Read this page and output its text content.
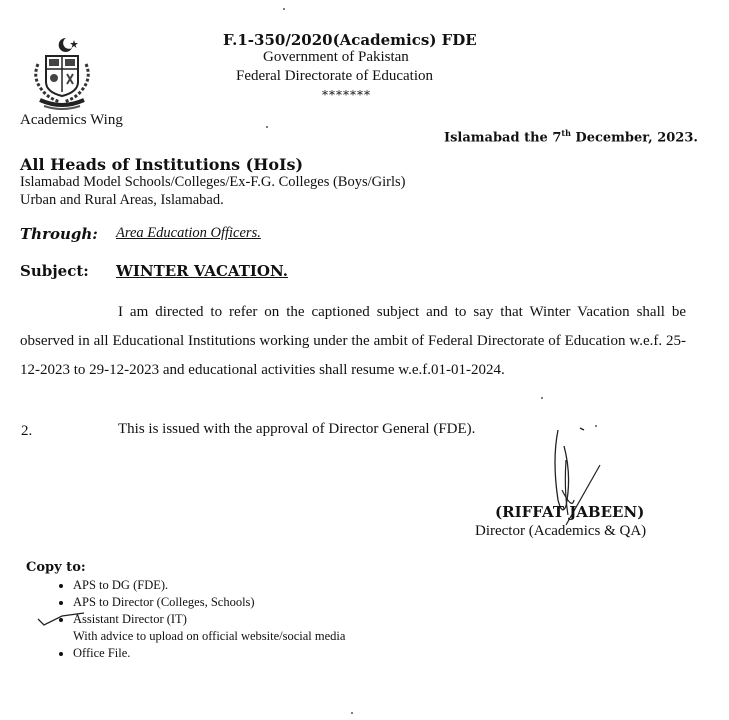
Academics Wing
F.1-350/2020(Academics) FDE
Government of Pakistan
Federal Directorate of Education
*******
Islamabad the 7th December, 2023.
All Heads of Institutions (HoIs)
Islamabad Model Schools/Colleges/Ex-F.G. Colleges (Boys/Girls)
Urban and Rural Areas, Islamabad.
Through: Area Education Officers.
Subject: WINTER VACATION.

I am directed to refer on the captioned subject and to say that Winter Vacation shall be observed in all Educational Institutions working under the ambit of Federal Directorate of Education w.e.f. 25-12-2023 to 29-12-2023 and educational activities shall resume w.e.f.01-01-2024.

2.	This is issued with the approval of Director General (FDE).
(RIFFAT JABEEN)
Director (Academics & QA)
Copy to:
• APS to DG (FDE).
• APS to Director (Colleges, Schools)
• Assistant Director (IT)
With advice to upload on official website/social media
• Office File.
